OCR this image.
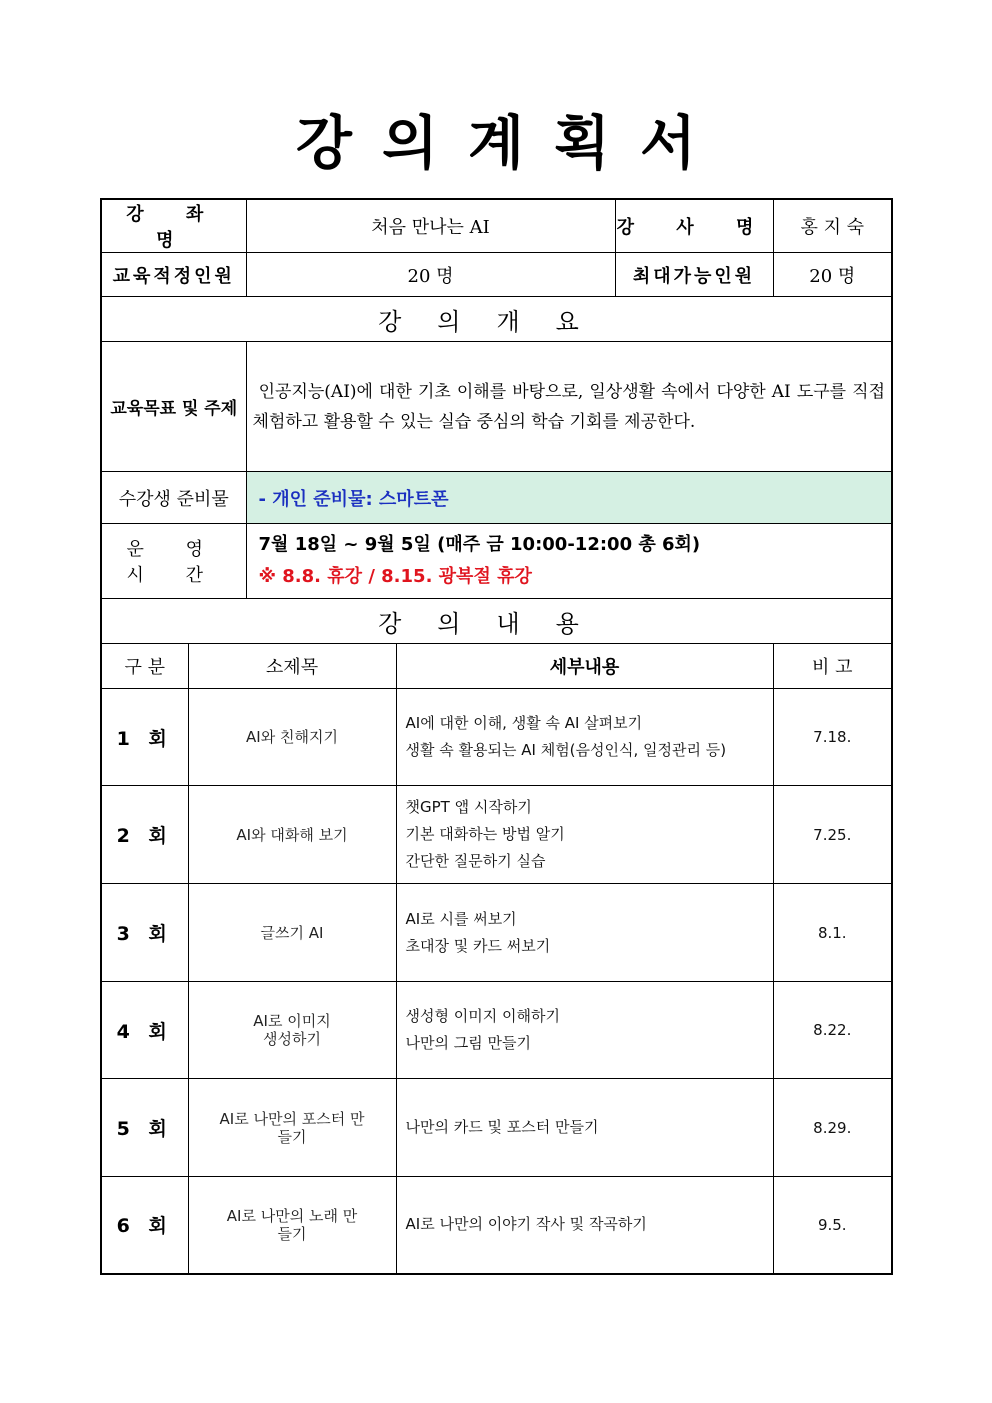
강의계획서
강 좌 명		처음 만나는 AI		강 사 명	홍 지 숙
교육적정인원		20 명		최대가능인원	20 명
강의개요					
교육목표 및 주제		인공지능(AI)에 대한 기초 이해를 바탕으로, 일상생활 속에서 다양한 AI 도구를 직접 체험하고 활용할 수 있는 실습 중심의 학습 기회를 제공한다.			
수강생 준비물		- 개인 준비물: 스마트폰			
운 영 시 간		7월 18일 ~ 9월 5일 (매주 금 10:00-12:00 총 6회)
※ 8.8. 휴강 / 8.15. 광복절 휴강			

강의내용					
구 분	소제목		세부내용		비 고
1 회	AI와 친해지기		AI에 대한 이해, 생활 속 AI 살펴보기
생활 속 활용되는 AI 체험(음성인식, 일정관리 등)		7.18.
2 회	AI와 대화해 보기		챗GPT 앱 시작하기
기본 대화하는 방법 알기
간단한 질문하기 실습		7.25.
3 회	글쓰기 AI		AI로 시를 써보기
초대장 및 카드 써보기		8.1.
4 회	AI로 이미지 생성하기		생성형 이미지 이해하기
나만의 그림 만들기		8.22.
5 회	AI로 나만의 포스터 만들기		나만의 카드 및 포스터 만들기		8.29.
6 회	AI로 나만의 노래 만들기		AI로 나만의 이야기 작사 및 작곡하기		9.5.
